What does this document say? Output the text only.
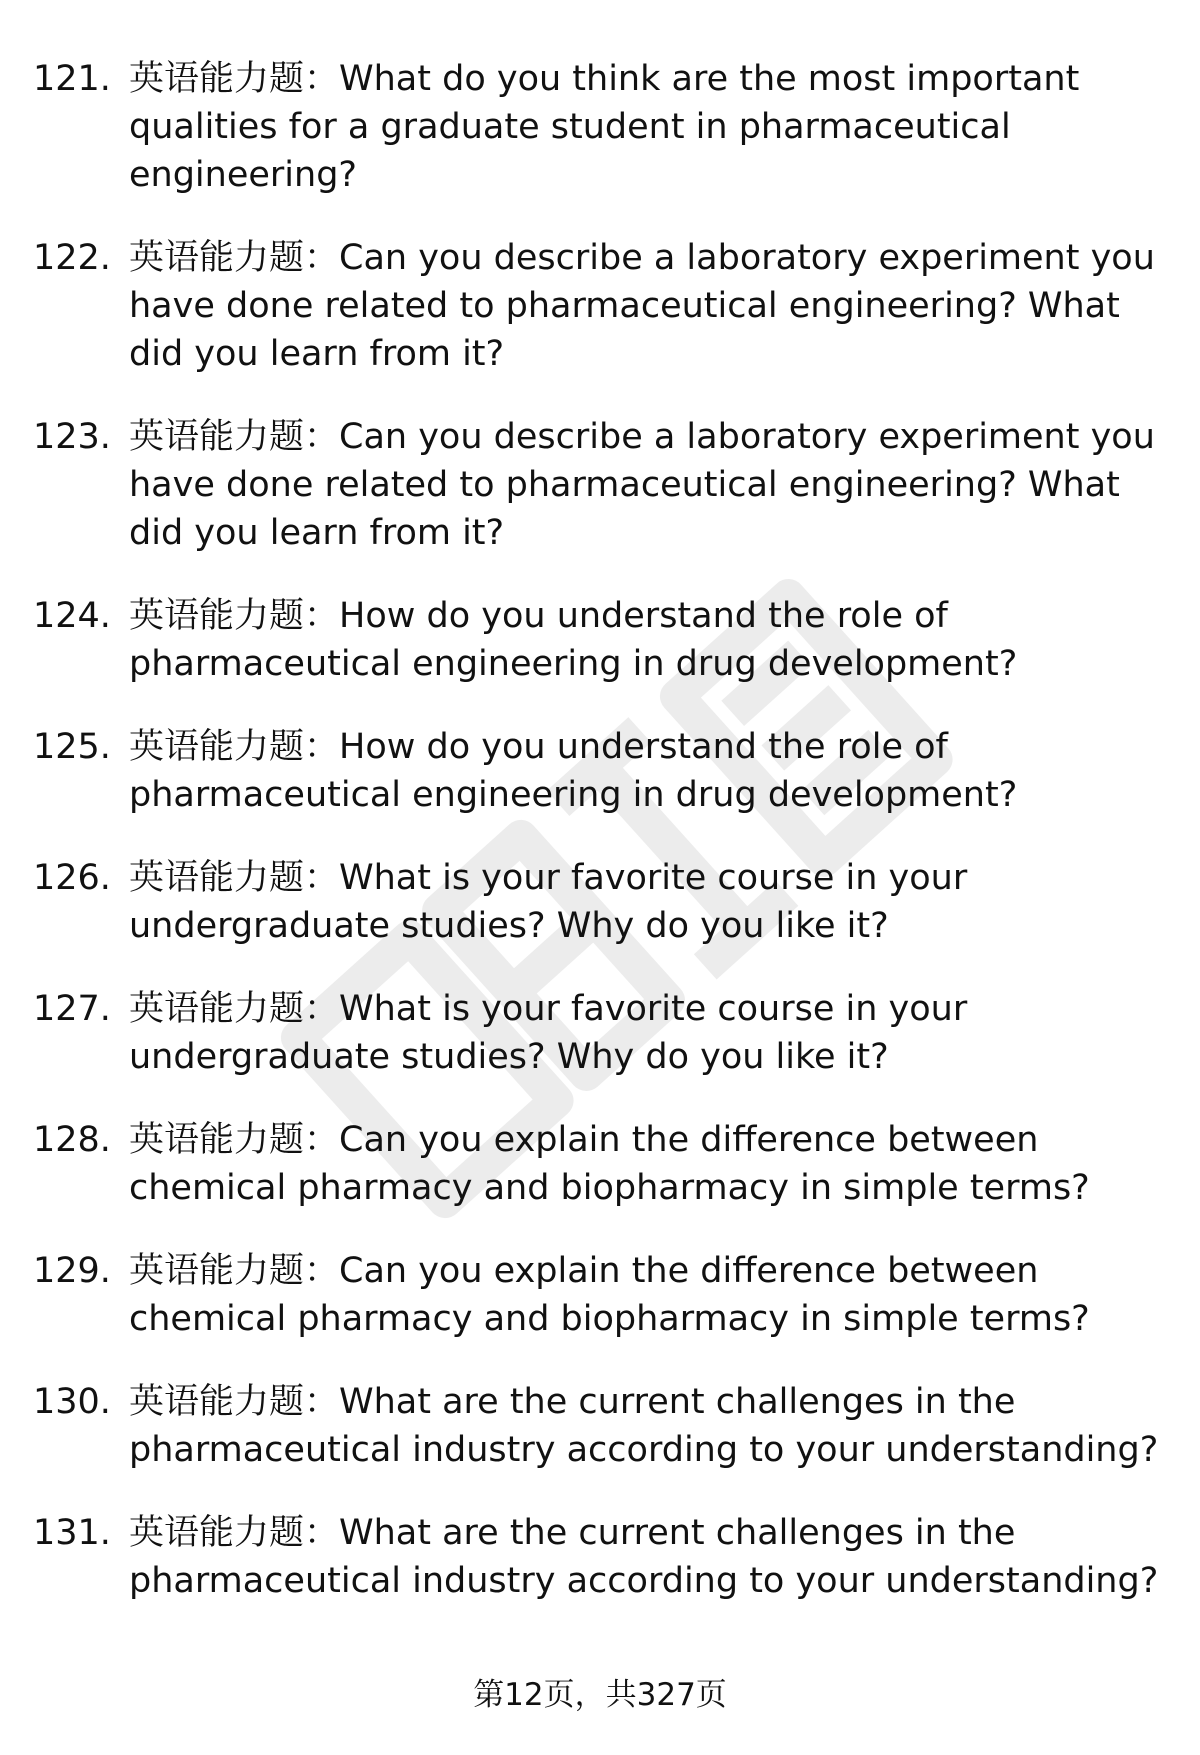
121. 英语能力题：What do you think are the most important qualities for a graduate student in pharmaceutical engineering?
122. 英语能力题：Can you describe a laboratory experiment you have done related to pharmaceutical engineering? What did you learn from it?
123. 英语能力题：Can you describe a laboratory experiment you have done related to pharmaceutical engineering? What did you learn from it?
124. 英语能力题：How do you understand the role of pharmaceutical engineering in drug development?
125. 英语能力题：How do you understand the role of pharmaceutical engineering in drug development?
126. 英语能力题：What is your favorite course in your undergraduate studies? Why do you like it?
127. 英语能力题：What is your favorite course in your undergraduate studies? Why do you like it?
128. 英语能力题：Can you explain the difference between chemical pharmacy and biopharmacy in simple terms?
129. 英语能力题：Can you explain the difference between chemical pharmacy and biopharmacy in simple terms?
130. 英语能力题：What are the current challenges in the pharmaceutical industry according to your understanding?
131. 英语能力题：What are the current challenges in the pharmaceutical industry according to your understanding?
第12页，共327页
